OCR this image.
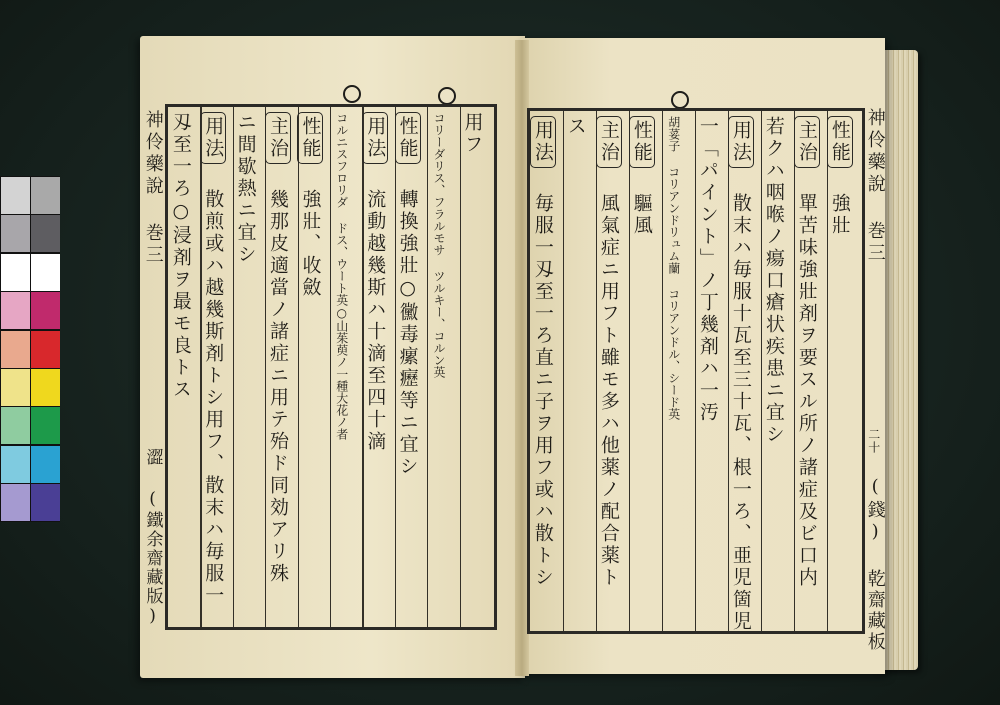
用フ
コリーダリス、フラルモサ ツルキー、コルン英
性能 轉換強壯○黴毒瘰癧等ニ宜シ
用法 流動越幾斯ハ十滴至四十滴
コルニスフロリダ ドス、ウート英○山茱萸ノ一種大花ノ者
性能 強壯、收斂
主治 幾那皮適當ノ諸症ニ用テ殆ド同効アリ殊
ニ間歇熱ニ宜シ
用法 散煎或ハ越幾斯剤トシ用フ、散末ハ毎服一
刄至一ろ○浸剤ヲ最モ良トス
神伶藥說 巻三
澀 (鐵余齋藏版)
性能 強壯
主治 單苦味強壯剤ヲ要スル所ノ諸症及ビ口内
若クハ咽喉ノ瘍口瘡状疾患ニ宜シ
用法 散末ハ毎服十瓦至三十瓦、根一ろ、亜児箇児
一「パイント」ノ丁幾剤ハ一汚
胡荽子 コリアンドリュム蘭 コリアンドル、シード英
性能 驅風
主治 風氣症ニ用フト雖モ多ハ他薬ノ配合薬ト
ス
用法 毎服一刄至一ろ直ニ子ヲ用フ或ハ散トシ	神伶藥說 巻三
二十
(錢) 乾齋藏板
